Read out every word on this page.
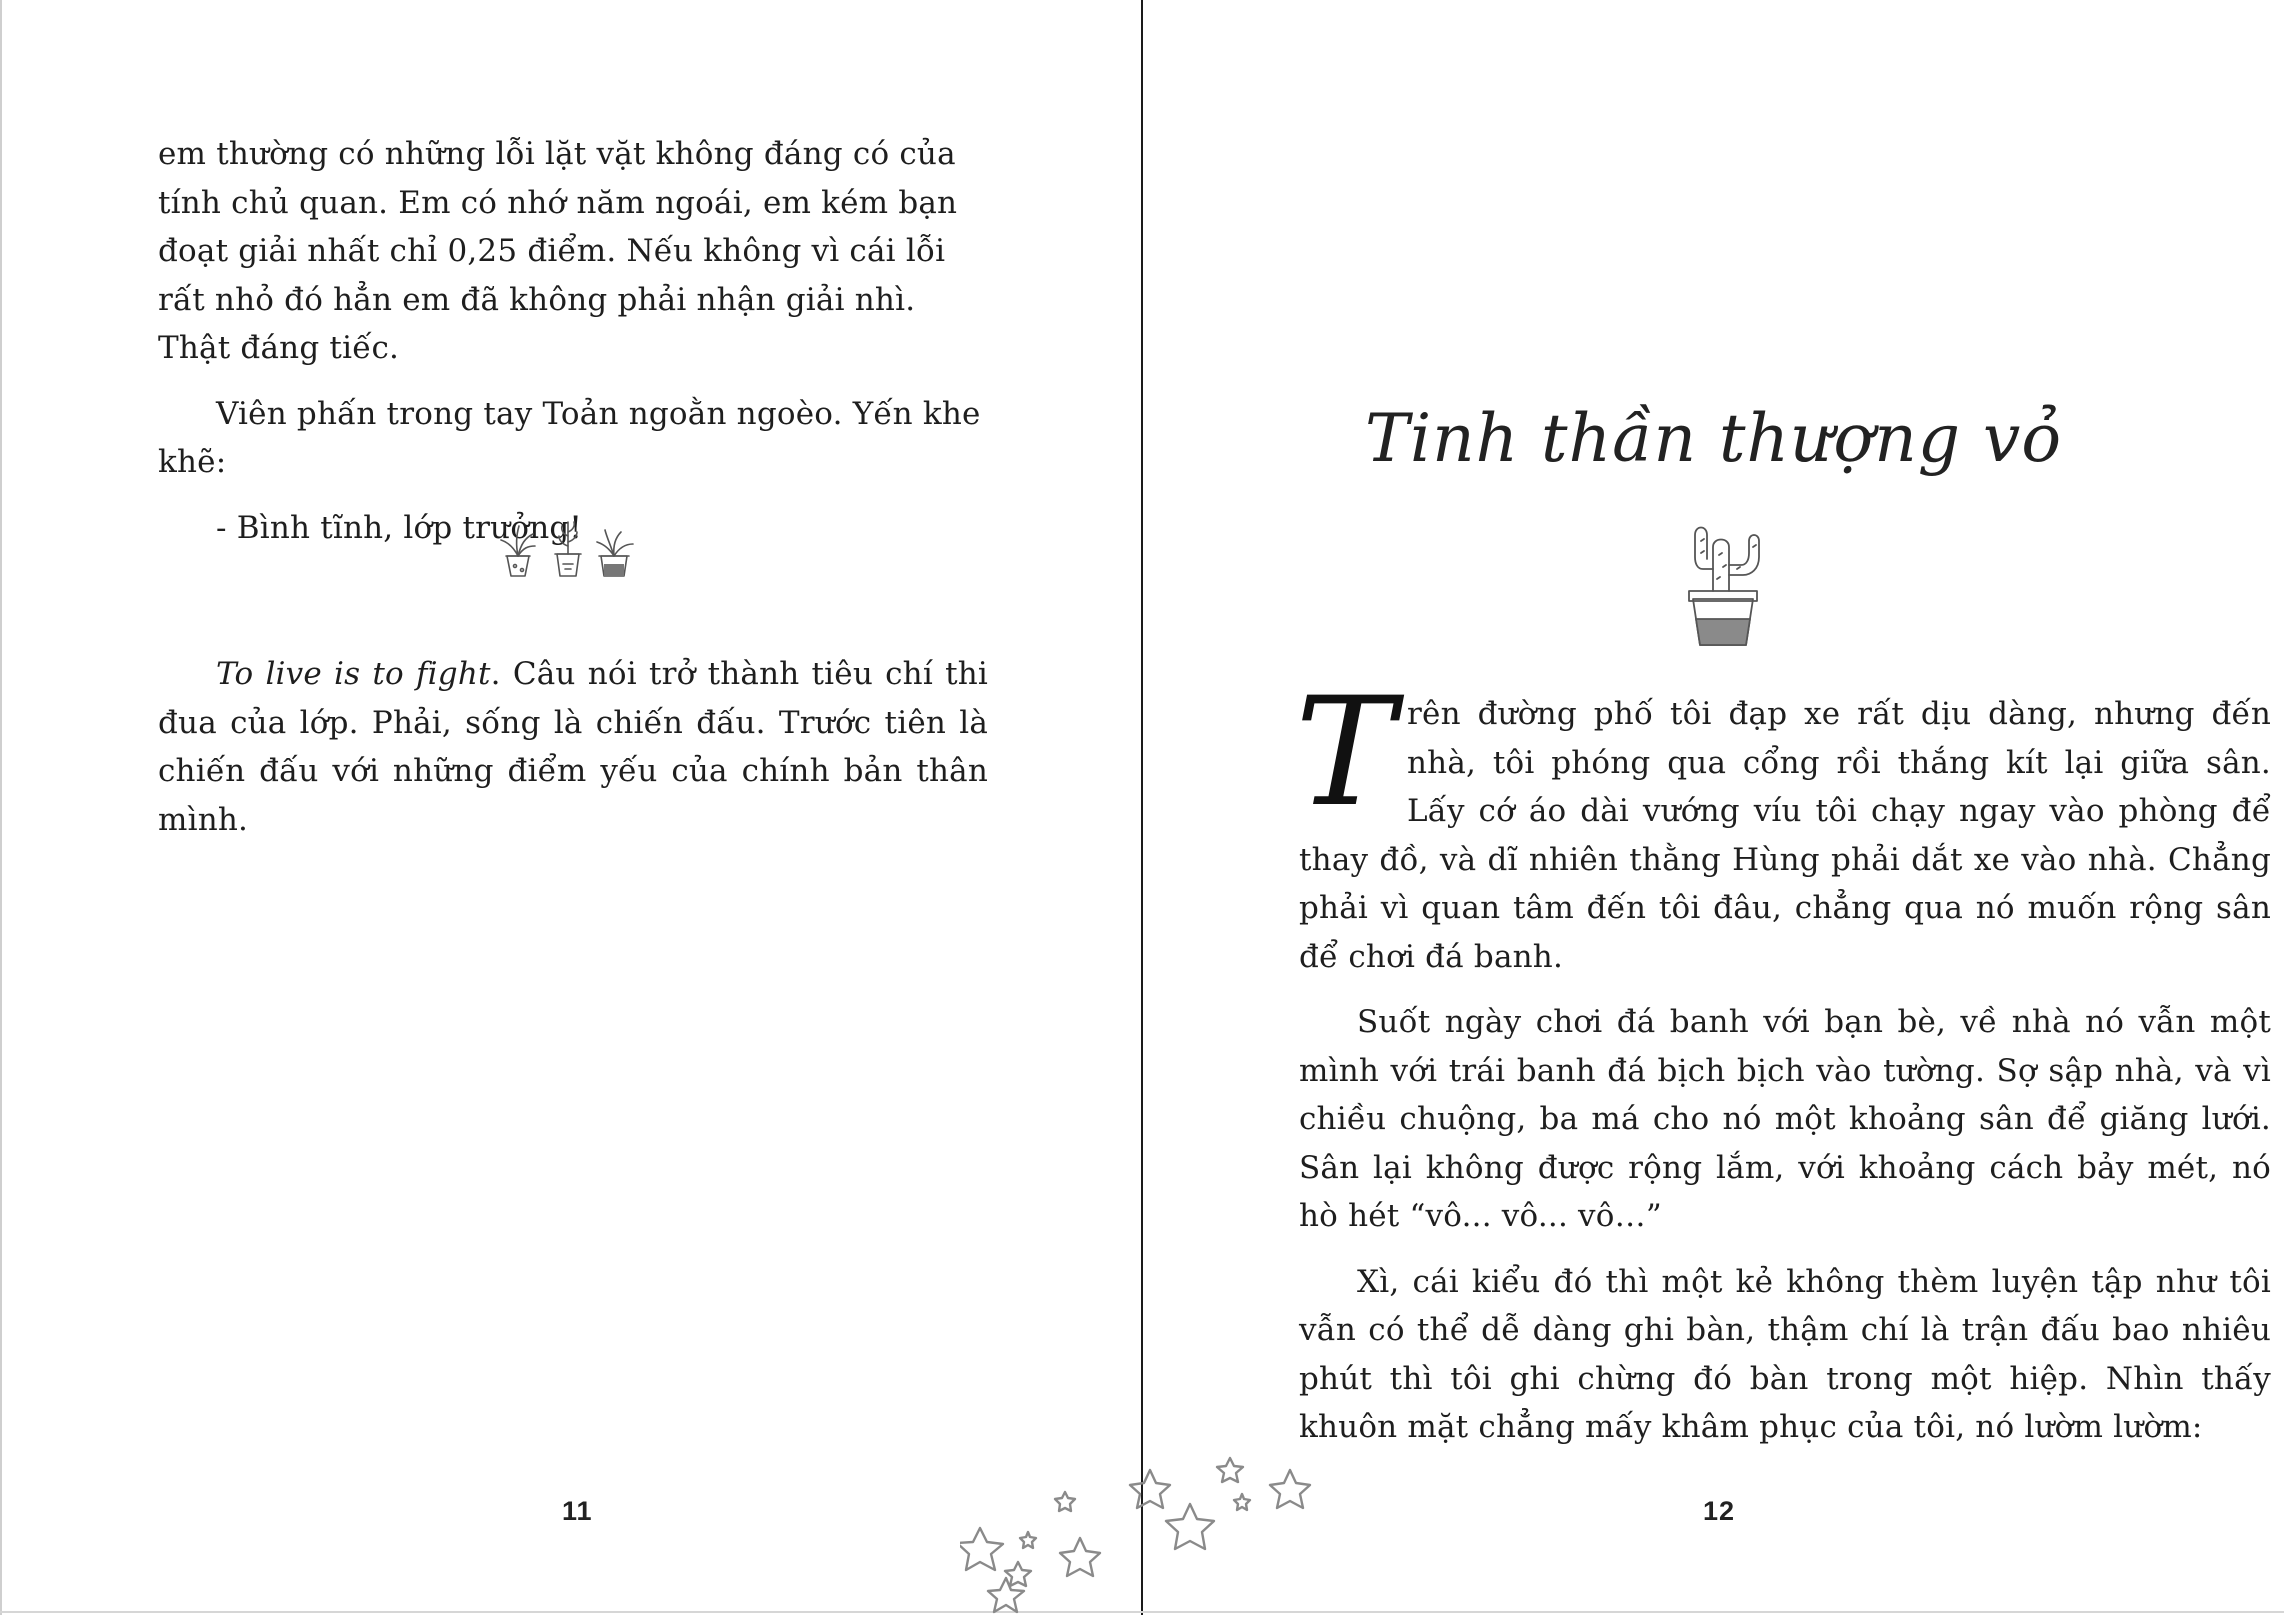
em thường có những lỗi lặt vặt không đáng có của tính chủ quan. Em có nhớ năm ngoái, em kém bạn đoạt giải nhất chỉ 0,25 điểm. Nếu không vì cái lỗi rất nhỏ đó hẳn em đã không phải nhận giải nhì. Thật đáng tiếc.

Viên phấn trong tay Toản ngoằn ngoèo. Yến khe khẽ:

- Bình tĩnh, lớp trưởng!

To live is to fight. Câu nói trở thành tiêu chí thi đua của lớp. Phải, sống là chiến đấu. Trước tiên là chiến đấu với những điểm yếu của chính bản thân mình.

11
Tinh thần thượng vỏ
T rên đường phố tôi đạp xe rất dịu dàng, nhưng đến nhà, tôi phóng qua cổng rồi thắng kít lại giữa sân. Lấy cớ áo dài vướng víu tôi chạy ngay vào phòng để thay đồ, và dĩ nhiên thằng Hùng phải dắt xe vào nhà. Chẳng phải vì quan tâm đến tôi đâu, chẳng qua nó muốn rộng sân để chơi đá banh.

Suốt ngày chơi đá banh với bạn bè, về nhà nó vẫn một mình với trái banh đá bịch bịch vào tường. Sợ sập nhà, và vì chiều chuộng, ba má cho nó một khoảng sân để giăng lưới. Sân lại không được rộng lắm, với khoảng cách bảy mét, nó hò hét “vô... vô... vô…”

Xì, cái kiểu đó thì một kẻ không thèm luyện tập như tôi vẫn có thể dễ dàng ghi bàn, thậm chí là trận đấu bao nhiêu phút thì tôi ghi chừng đó bàn trong một hiệp. Nhìn thấy khuôn mặt chẳng mấy khâm phục của tôi, nó lườm lườm:

12
